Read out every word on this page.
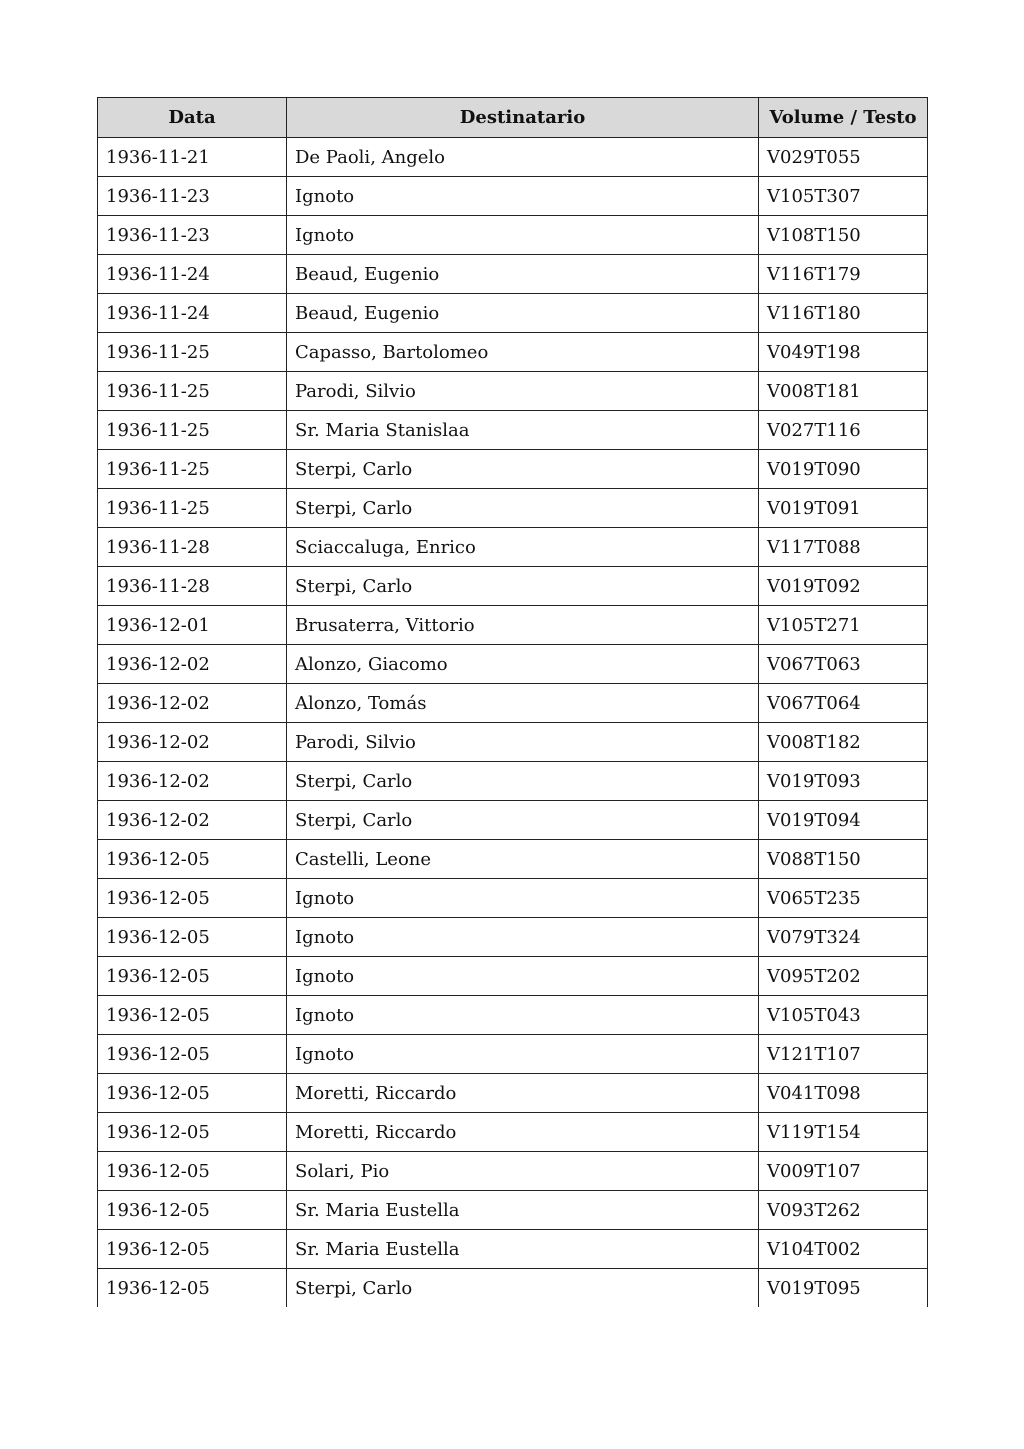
Data	Destinatario	Volume / Testo
1936-11-21	De Paoli, Angelo	V029T055
1936-11-23	Ignoto	V105T307
1936-11-23	Ignoto	V108T150
1936-11-24	Beaud, Eugenio	V116T179
1936-11-24	Beaud, Eugenio	V116T180
1936-11-25	Capasso, Bartolomeo	V049T198
1936-11-25	Parodi, Silvio	V008T181
1936-11-25	Sr. Maria Stanislaa	V027T116
1936-11-25	Sterpi, Carlo	V019T090
1936-11-25	Sterpi, Carlo	V019T091
1936-11-28	Sciaccaluga, Enrico	V117T088
1936-11-28	Sterpi, Carlo	V019T092
1936-12-01	Brusaterra, Vittorio	V105T271
1936-12-02	Alonzo, Giacomo	V067T063
1936-12-02	Alonzo, Tomás	V067T064
1936-12-02	Parodi, Silvio	V008T182
1936-12-02	Sterpi, Carlo	V019T093
1936-12-02	Sterpi, Carlo	V019T094
1936-12-05	Castelli, Leone	V088T150
1936-12-05	Ignoto	V065T235
1936-12-05	Ignoto	V079T324
1936-12-05	Ignoto	V095T202
1936-12-05	Ignoto	V105T043
1936-12-05	Ignoto	V121T107
1936-12-05	Moretti, Riccardo	V041T098
1936-12-05	Moretti, Riccardo	V119T154
1936-12-05	Solari, Pio	V009T107
1936-12-05	Sr. Maria Eustella	V093T262
1936-12-05	Sr. Maria Eustella	V104T002
1936-12-05	Sterpi, Carlo	V019T095
